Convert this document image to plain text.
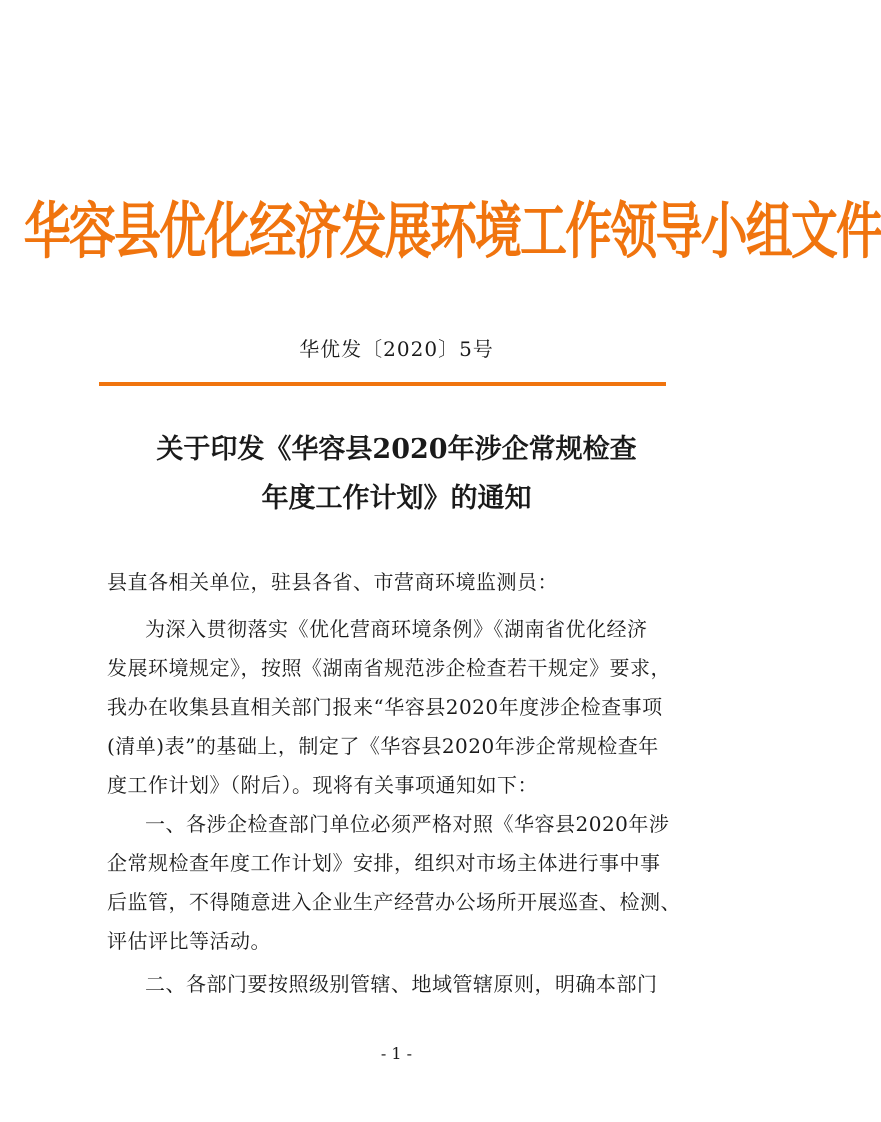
华容县优化经济发展环境工作领导小组文件
华优发〔2020〕5号
关于印发《华容县2020年涉企常规检查
年度工作计划》的通知
县直各相关单位，驻县各省、市营商环境监测员：
为深入贯彻落实《优化营商环境条例》《湖南省优化经济
发展环境规定》，按照《湖南省规范涉企检查若干规定》要求，
我办在收集县直相关部门报来“华容县2020年度涉企检查事项
(清单)表”的基础上，制定了《华容县2020年涉企常规检查年
度工作计划》（附后）。现将有关事项通知如下：
一、各涉企检查部门单位必须严格对照《华容县2020年涉
企常规检查年度工作计划》安排，组织对市场主体进行事中事
后监管，不得随意进入企业生产经营办公场所开展巡查、检测、
评估评比等活动。
二、各部门要按照级别管辖、地域管辖原则，明确本部门
- 1 -
